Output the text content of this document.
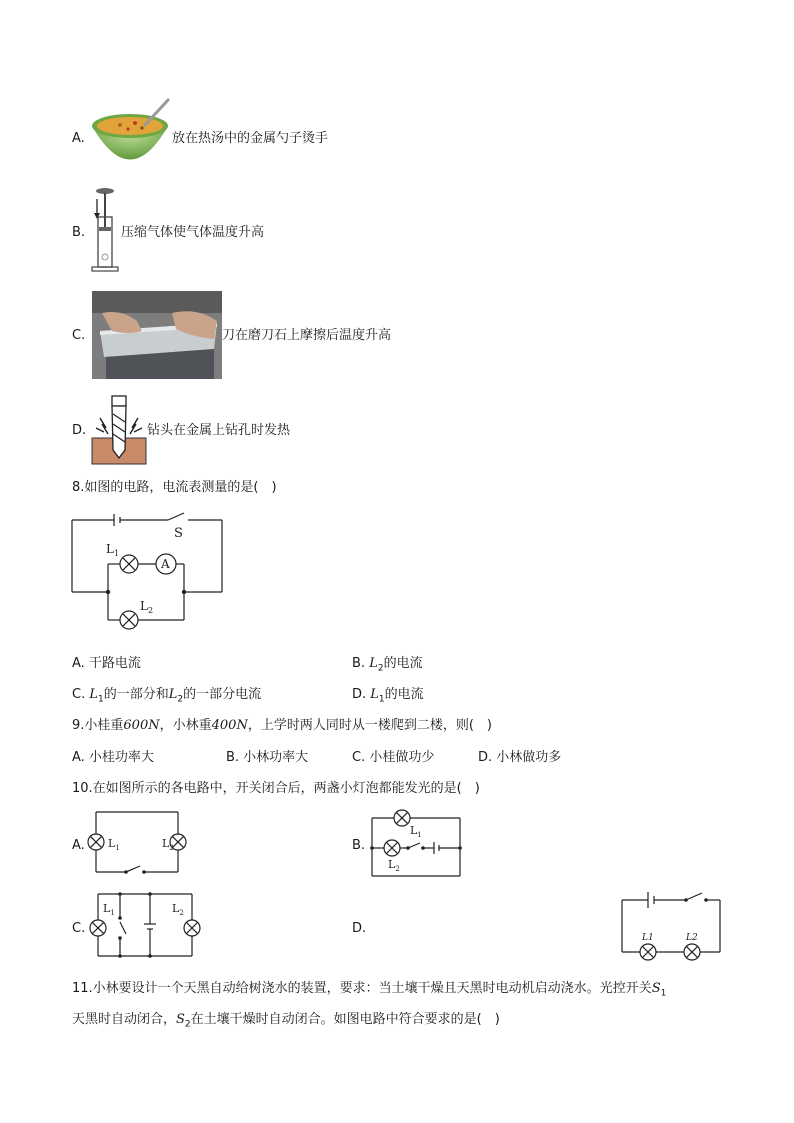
A.	放在热汤中的金属勺子烫手
B.	压缩气体使气体温度升高
C.	刀在磨刀石上摩擦后温度升高
D.	钻头在金属上钻孔时发热
8.如图的电路，电流表测量的是(　)
S
$L_1$
A
$L_2$
A. 干路电流	B. $L_2$的电流
C. $L_1$的一部分和$L_2$的一部分电流	D. $L_1$的电流
9.小桂重600N，小林重400N，上学时两人同时从一楼爬到二楼，则(　)
A. 小桂功率大	B. 小林功率大	C. 小桂做功少	D. 小林做功多
10.在如图所示的各电路中，开关闭合后，两盏小灯泡都能发光的是(　)
A. $L_1$	$L_2$	B.
$L_1$
$L_2$
C.
$L_1$	$L_2$
D.
L1	L2
11.小林要设计一个天黑自动给树浇水的装置，要求：当土壤干燥且天黑时电动机启动浇水。光控开关$S_1$
天黑时自动闭合，$S_2$在土壤干燥时自动闭合。如图电路中符合要求的是(　)
